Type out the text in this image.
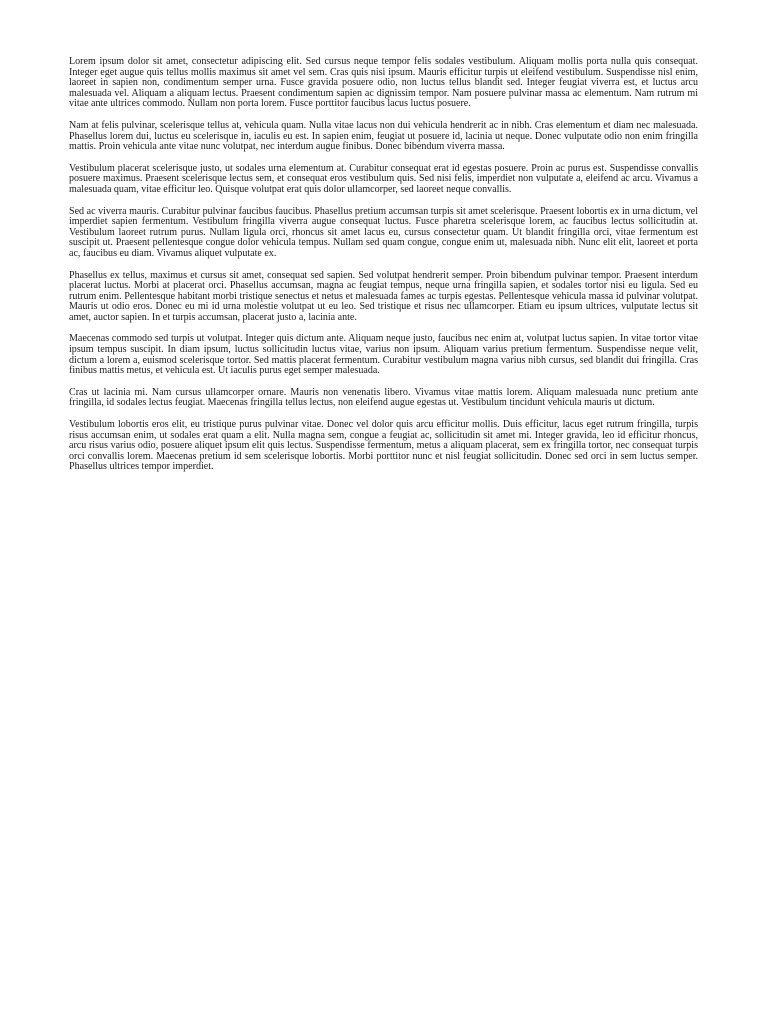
Lorem ipsum dolor sit amet, consectetur adipiscing elit. Sed cursus neque tempor felis sodales vestibulum. Aliquam mollis porta nulla quis consequat. Integer eget augue quis tellus mollis maximus sit amet vel sem. Cras quis nisi ipsum. Mauris efficitur turpis ut eleifend vestibulum. Suspendisse nisl enim, laoreet in sapien non, condimentum semper urna. Fusce gravida posuere odio, non luctus tellus blandit sed. Integer feugiat viverra est, et luctus arcu malesuada vel. Aliquam a aliquam lectus. Praesent condimentum sapien ac dignissim tempor. Nam posuere pulvinar massa ac elementum. Nam rutrum mi vitae ante ultrices commodo. Nullam non porta lorem. Fusce porttitor faucibus lacus luctus posuere.

Nam at felis pulvinar, scelerisque tellus at, vehicula quam. Nulla vitae lacus non dui vehicula hendrerit ac in nibh. Cras elementum et diam nec malesuada. Phasellus lorem dui, luctus eu scelerisque in, iaculis eu est. In sapien enim, feugiat ut posuere id, lacinia ut neque. Donec vulputate odio non enim fringilla mattis. Proin vehicula ante vitae nunc volutpat, nec interdum augue finibus. Donec bibendum viverra massa.

Vestibulum placerat scelerisque justo, ut sodales urna elementum at. Curabitur consequat erat id egestas posuere. Proin ac purus est. Suspendisse convallis posuere maximus. Praesent scelerisque lectus sem, et consequat eros vestibulum quis. Sed nisi felis, imperdiet non vulputate a, eleifend ac arcu. Vivamus a malesuada quam, vitae efficitur leo. Quisque volutpat erat quis dolor ullamcorper, sed laoreet neque convallis.

Sed ac viverra mauris. Curabitur pulvinar faucibus faucibus. Phasellus pretium accumsan turpis sit amet scelerisque. Praesent lobortis ex in urna dictum, vel imperdiet sapien fermentum. Vestibulum fringilla viverra augue consequat luctus. Fusce pharetra scelerisque lorem, ac faucibus lectus sollicitudin at. Vestibulum laoreet rutrum purus. Nullam ligula orci, rhoncus sit amet lacus eu, cursus consectetur quam. Ut blandit fringilla orci, vitae fermentum est suscipit ut. Praesent pellentesque congue dolor vehicula tempus. Nullam sed quam congue, congue enim ut, malesuada nibh. Nunc elit elit, laoreet et porta ac, faucibus eu diam. Vivamus aliquet vulputate ex.

Phasellus ex tellus, maximus et cursus sit amet, consequat sed sapien. Sed volutpat hendrerit semper. Proin bibendum pulvinar tempor. Praesent interdum placerat luctus. Morbi at placerat orci. Phasellus accumsan, magna ac feugiat tempus, neque urna fringilla sapien, et sodales tortor nisi eu ligula. Sed eu rutrum enim. Pellentesque habitant morbi tristique senectus et netus et malesuada fames ac turpis egestas. Pellentesque vehicula massa id pulvinar volutpat. Mauris ut odio eros. Donec eu mi id urna molestie volutpat ut eu leo. Sed tristique et risus nec ullamcorper. Etiam eu ipsum ultrices, vulputate lectus sit amet, auctor sapien. In et turpis accumsan, placerat justo a, lacinia ante.

Maecenas commodo sed turpis ut volutpat. Integer quis dictum ante. Aliquam neque justo, faucibus nec enim at, volutpat luctus sapien. In vitae tortor vitae ipsum tempus suscipit. In diam ipsum, luctus sollicitudin luctus vitae, varius non ipsum. Aliquam varius pretium fermentum. Suspendisse neque velit, dictum a lorem a, euismod scelerisque tortor. Sed mattis placerat fermentum. Curabitur vestibulum magna varius nibh cursus, sed blandit dui fringilla. Cras finibus mattis metus, et vehicula est. Ut iaculis purus eget semper malesuada.

Cras ut lacinia mi. Nam cursus ullamcorper ornare. Mauris non venenatis libero. Vivamus vitae mattis lorem. Aliquam malesuada nunc pretium ante fringilla, id sodales lectus feugiat. Maecenas fringilla tellus lectus, non eleifend augue egestas ut. Vestibulum tincidunt vehicula mauris ut dictum.

Vestibulum lobortis eros elit, eu tristique purus pulvinar vitae. Donec vel dolor quis arcu efficitur mollis. Duis efficitur, lacus eget rutrum fringilla, turpis risus accumsan enim, ut sodales erat quam a elit. Nulla magna sem, congue a feugiat ac, sollicitudin sit amet mi. Integer gravida, leo id efficitur rhoncus, arcu risus varius odio, posuere aliquet ipsum elit quis lectus. Suspendisse fermentum, metus a aliquam placerat, sem ex fringilla tortor, nec consequat turpis orci convallis lorem. Maecenas pretium id sem scelerisque lobortis. Morbi porttitor nunc et nisl feugiat sollicitudin. Donec sed orci in sem luctus semper. Phasellus ultrices tempor imperdiet.
